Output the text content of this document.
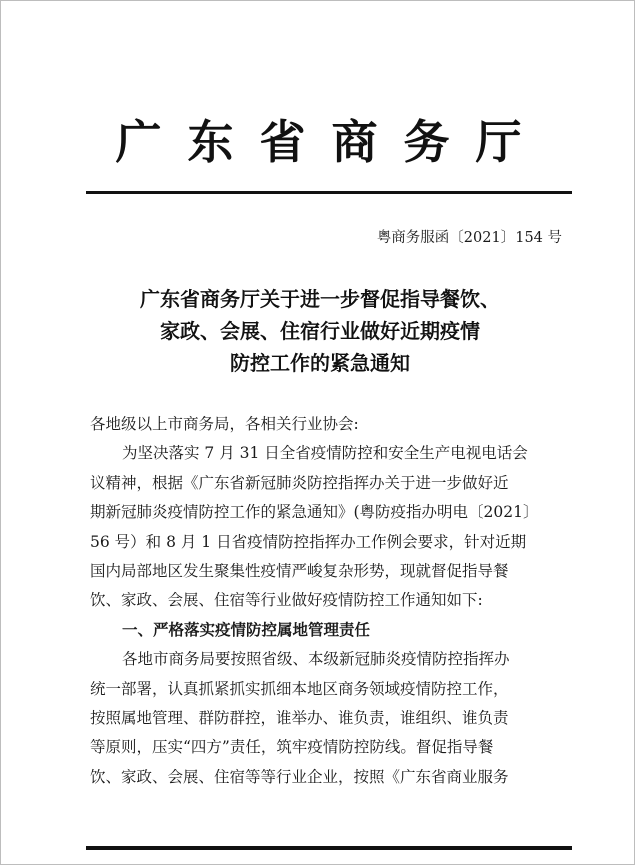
广东省商务厅
粤商务服函〔2021〕154 号
广东省商务厅关于进一步督促指导餐饮、
家政、会展、住宿行业做好近期疫情
防控工作的紧急通知
各地级以上市商务局，各相关行业协会:
为坚决落实 7 月 31 日全省疫情防控和安全生产电视电话会
议精神，根据《广东省新冠肺炎防控指挥办关于进一步做好近
期新冠肺炎疫情防控工作的紧急通知》(粤防疫指办明电〔2021〕
56 号）和 8 月 1 日省疫情防控指挥办工作例会要求，针对近期
国内局部地区发生聚集性疫情严峻复杂形势，现就督促指导餐
饮、家政、会展、住宿等行业做好疫情防控工作通知如下:
一、严格落实疫情防控属地管理责任
各地市商务局要按照省级、本级新冠肺炎疫情防控指挥办
统一部署，认真抓紧抓实抓细本地区商务领域疫情防控工作，
按照属地管理、群防群控，谁举办、谁负责，谁组织、谁负责
等原则，压实“四方”责任，筑牢疫情防控防线。督促指导餐
饮、家政、会展、住宿等等行业企业，按照《广东省商业服务
